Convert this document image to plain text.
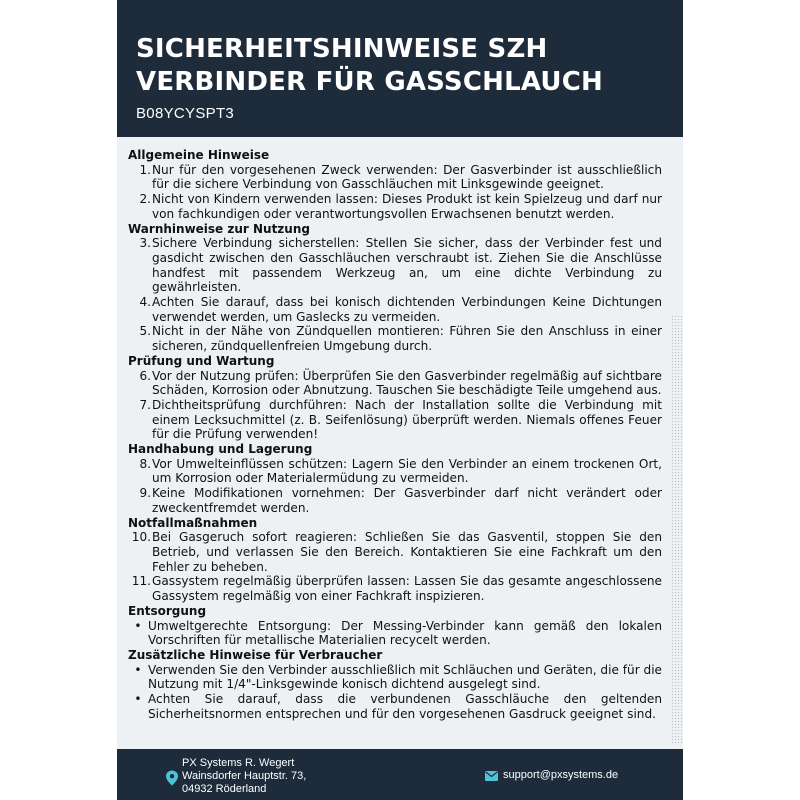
SICHERHEITSHINWEISE SZH VERBINDER FÜR GASSCHLAUCH
B08YCYSPT3
Allgemeine Hinweise
1. Nur für den vorgesehenen Zweck verwenden: Der Gasverbinder ist ausschließlich für die sichere Verbindung von Gasschläuchen mit Linksgewinde geeignet.
2. Nicht von Kindern verwenden lassen: Dieses Produkt ist kein Spielzeug und darf nur von fachkundigen oder verantwortungsvollen Erwachsenen benutzt werden.
Warnhinweise zur Nutzung
3. Sichere Verbindung sicherstellen: Stellen Sie sicher, dass der Verbinder fest und gasdicht zwischen den Gasschläuchen verschraubt ist. Ziehen Sie die Anschlüsse handfest mit passendem Werkzeug an, um eine dichte Verbindung zu gewährleisten.
4. Achten Sie darauf, dass bei konisch dichtenden Verbindungen Keine Dichtungen verwendet werden, um Gaslecks zu vermeiden.
5. Nicht in der Nähe von Zündquellen montieren: Führen Sie den Anschluss in einer sicheren, zündquellenfreien Umgebung durch.
Prüfung und Wartung
6. Vor der Nutzung prüfen: Überprüfen Sie den Gasverbinder regelmäßig auf sichtbare Schäden, Korrosion oder Abnutzung. Tauschen Sie beschädigte Teile umgehend aus.
7. Dichtheitsprüfung durchführen: Nach der Installation sollte die Verbindung mit einem Lecksuchmittel (z. B. Seifenlösung) überprüft werden. Niemals offenes Feuer für die Prüfung verwenden!
Handhabung und Lagerung
8. Vor Umwelteinflüssen schützen: Lagern Sie den Verbinder an einem trockenen Ort, um Korrosion oder Materialermüdung zu vermeiden.
9. Keine Modifikationen vornehmen: Der Gasverbinder darf nicht verändert oder zweckentfremdet werden.
Notfallmaßnahmen
10. Bei Gasgeruch sofort reagieren: Schließen Sie das Gasventil, stoppen Sie den Betrieb, und verlassen Sie den Bereich. Kontaktieren Sie eine Fachkraft um den Fehler zu beheben.
11. Gassystem regelmäßig überprüfen lassen: Lassen Sie das gesamte angeschlossene Gassystem regelmäßig von einer Fachkraft inspizieren.
Entsorgung
• Umweltgerechte Entsorgung: Der Messing-Verbinder kann gemäß den lokalen Vorschriften für metallische Materialien recycelt werden.
Zusätzliche Hinweise für Verbraucher
• Verwenden Sie den Verbinder ausschließlich mit Schläuchen und Geräten, die für die Nutzung mit 1/4"-Linksgewinde konisch dichtend ausgelegt sind.
• Achten Sie darauf, dass die verbundenen Gasschläuche den geltenden Sicherheitsnormen entsprechen und für den vorgesehenen Gasdruck geeignet sind.
PX Systems R. Wegert
Wainsdorfer Hauptstr. 73,
04932 Röderland
support@pxsystems.de
